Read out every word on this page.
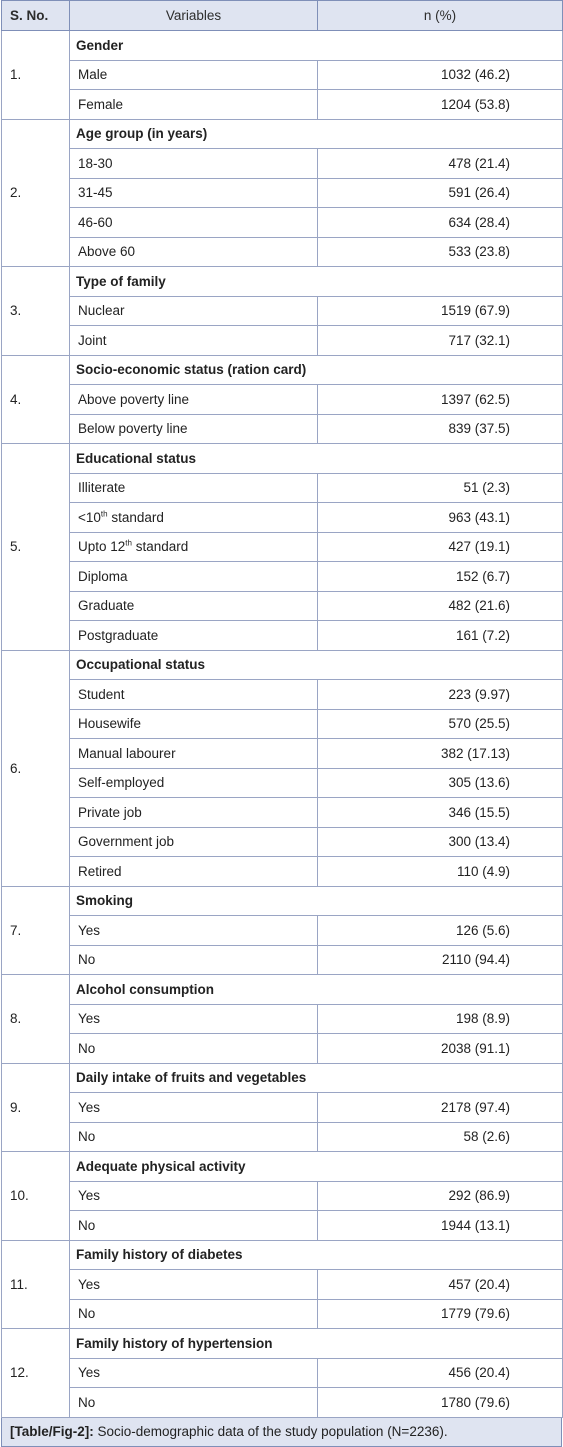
S. No.	Variables	n (%)
1.	Gender	
	Male	1032 (46.2)
	Female	1204 (53.8)
2.	Age group (in years)	
	18-30	478 (21.4)
	31-45	591 (26.4)
	46-60	634 (28.4)
	Above 60	533 (23.8)
3.	Type of family	
	Nuclear	1519 (67.9)
	Joint	717 (32.1)
4.	Socio-economic status (ration card)	
	Above poverty line	1397 (62.5)
	Below poverty line	839 (37.5)
5.	Educational status	
	Illiterate	51 (2.3)
	<10th standard	963 (43.1)
	Upto 12th standard	427 (19.1)
	Diploma	152 (6.7)
	Graduate	482 (21.6)
	Postgraduate	161 (7.2)
6.	Occupational status	
	Student	223 (9.97)
	Housewife	570 (25.5)
	Manual labourer	382 (17.13)
	Self-employed	305 (13.6)
	Private job	346 (15.5)
	Government job	300 (13.4)
	Retired	110 (4.9)
7.	Smoking	
	Yes	126 (5.6)
	No	2110 (94.4)
8.	Alcohol consumption	
	Yes	198 (8.9)
	No	2038 (91.1)
9.	Daily intake of fruits and vegetables	
	Yes	2178 (97.4)
	No	58 (2.6)
10.	Adequate physical activity	
	Yes	292 (86.9)
	No	1944 (13.1)
11.	Family history of diabetes	
	Yes	457 (20.4)
	No	1779 (79.6)
12.	Family history of hypertension	
	Yes	456 (20.4)
	No	1780 (79.6)
[Table/Fig-2]: Socio-demographic data of the study population (N=2236).
